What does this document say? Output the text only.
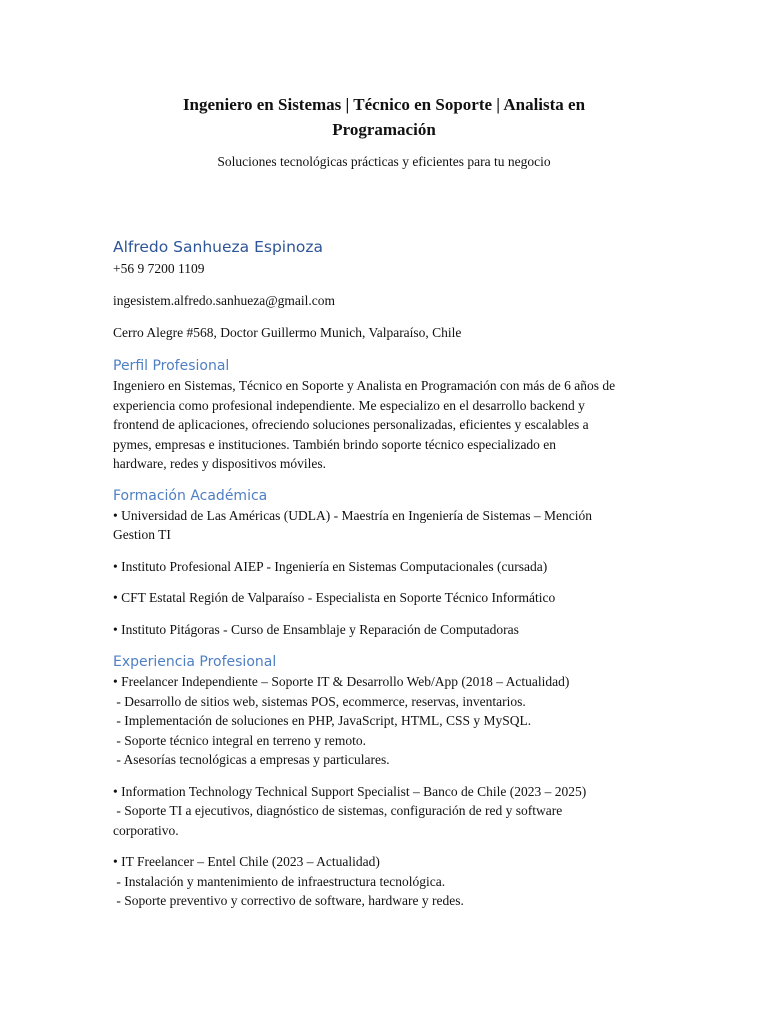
Ingeniero en Sistemas | Técnico en Soporte | Analista en
Programación
Soluciones tecnológicas prácticas y eficientes para tu negocio

Alfredo Sanhueza Espinoza

+56 9 7200 1109

ingesistem.alfredo.sanhueza@gmail.com

Cerro Alegre #568, Doctor Guillermo Munich, Valparaíso, Chile

Perfil Profesional

Ingeniero en Sistemas, Técnico en Soporte y Analista en Programación con más de 6 años de

experiencia como profesional independiente. Me especializo en el desarrollo backend y

frontend de aplicaciones, ofreciendo soluciones personalizadas, eficientes y escalables a

pymes, empresas e instituciones. También brindo soporte técnico especializado en

hardware, redes y dispositivos móviles.

Formación Académica

• Universidad de Las Américas (UDLA) - Maestría en Ingeniería de Sistemas – Mención

Gestion TI

• Instituto Profesional AIEP - Ingeniería en Sistemas Computacionales (cursada)

• CFT Estatal Región de Valparaíso - Especialista en Soporte Técnico Informático

• Instituto Pitágoras - Curso de Ensamblaje y Reparación de Computadoras

Experiencia Profesional

• Freelancer Independiente – Soporte IT & Desarrollo Web/App (2018 – Actualidad)

- Desarrollo de sitios web, sistemas POS, ecommerce, reservas, inventarios.

- Implementación de soluciones en PHP, JavaScript, HTML, CSS y MySQL.

- Soporte técnico integral en terreno y remoto.

- Asesorías tecnológicas a empresas y particulares.

• Information Technology Technical Support Specialist – Banco de Chile (2023 – 2025)

- Soporte TI a ejecutivos, diagnóstico de sistemas, configuración de red y software

corporativo.

• IT Freelancer – Entel Chile (2023 – Actualidad)

- Instalación y mantenimiento de infraestructura tecnológica.

- Soporte preventivo y correctivo de software, hardware y redes.
